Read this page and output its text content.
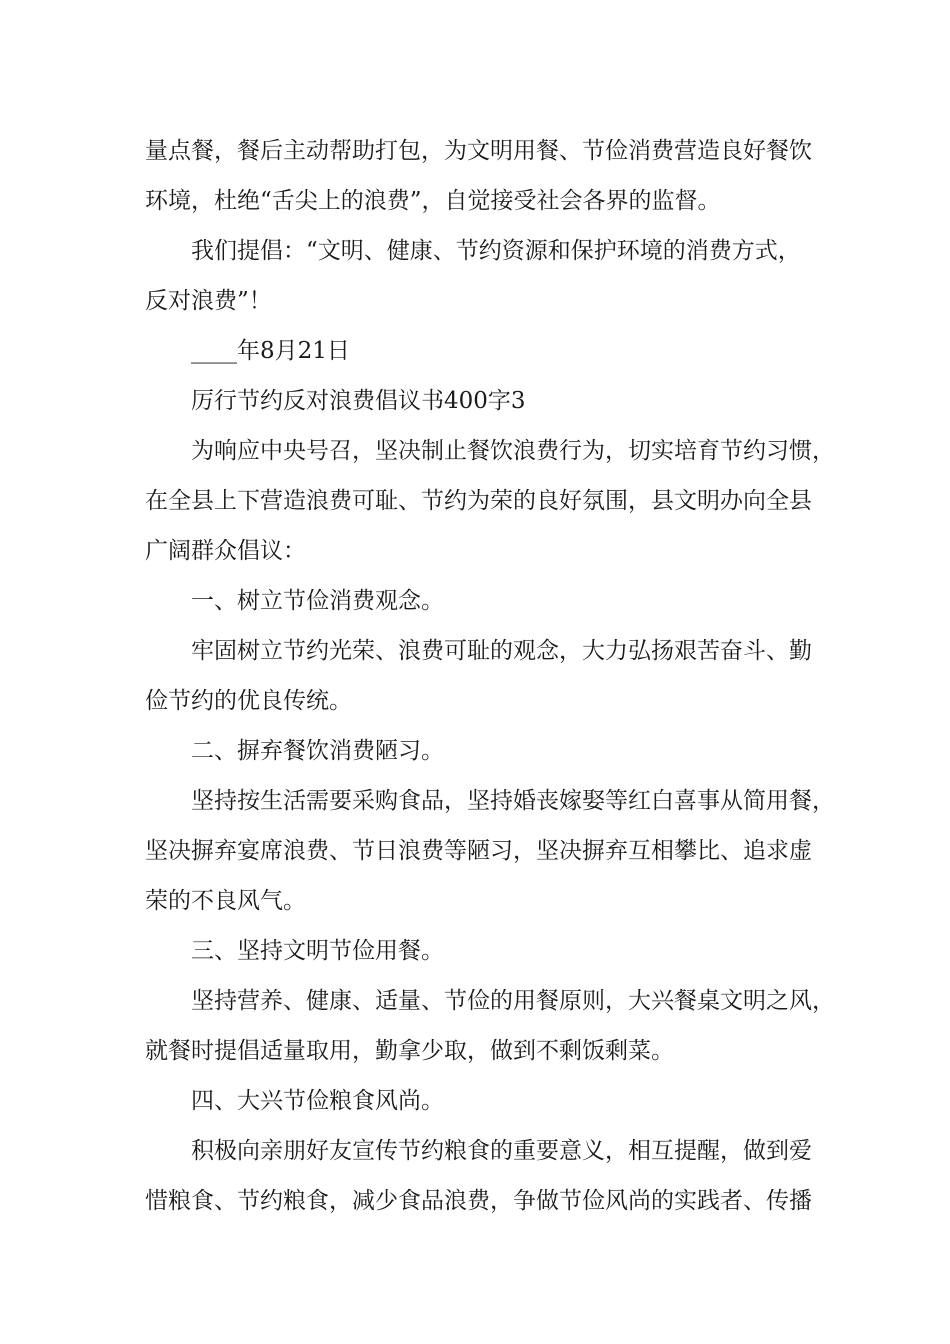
量点餐，餐后主动帮助打包，为文明用餐、节俭消费营造良好餐饮
环境，杜绝“舌尖上的浪费”，自觉接受社会各界的监督。
我们提倡：“文明、健康、节约资源和保护环境的消费方式，
反对浪费”！
____年8月21日
厉行节约反对浪费倡议书400字3
为响应中央号召，坚决制止餐饮浪费行为，切实培育节约习惯，
在全县上下营造浪费可耻、节约为荣的良好氛围，县文明办向全县
广阔群众倡议：
一、树立节俭消费观念。
牢固树立节约光荣、浪费可耻的观念，大力弘扬艰苦奋斗、勤
俭节约的优良传统。
二、摒弃餐饮消费陋习。
坚持按生活需要采购食品，坚持婚丧嫁娶等红白喜事从简用餐，
坚决摒弃宴席浪费、节日浪费等陋习，坚决摒弃互相攀比、追求虚
荣的不良风气。
三、坚持文明节俭用餐。
坚持营养、健康、适量、节俭的用餐原则，大兴餐桌文明之风，
就餐时提倡适量取用，勤拿少取，做到不剩饭剩菜。
四、大兴节俭粮食风尚。
积极向亲朋好友宣传节约粮食的重要意义，相互提醒，做到爱
惜粮食、节约粮食，减少食品浪费，争做节俭风尚的实践者、传播
